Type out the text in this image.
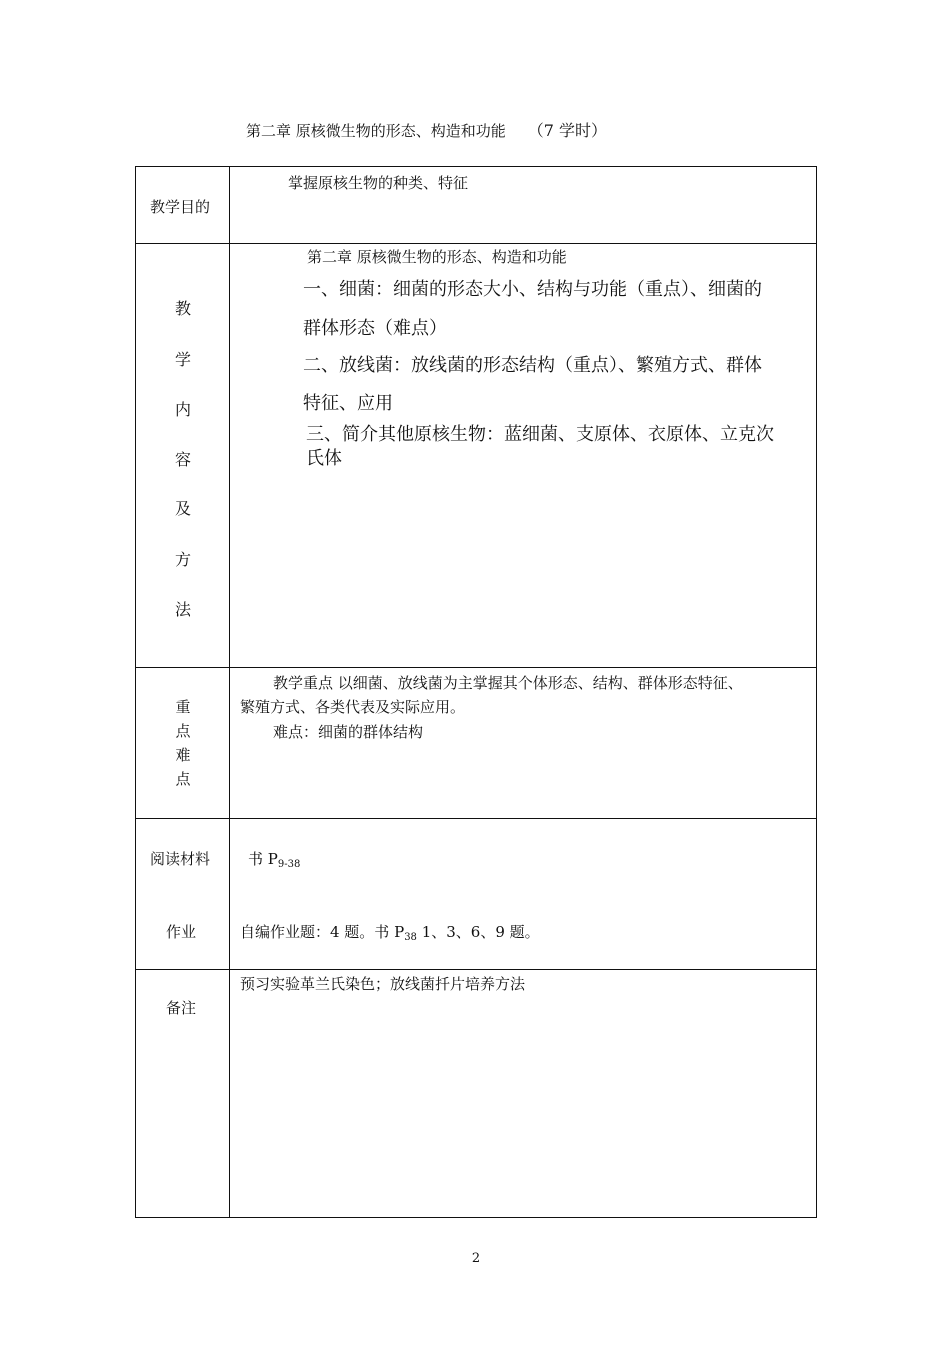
第二章 原核微生物的形态、构造和功能 （7 学时）
教学目的
掌握原核生物的种类、特征
教
学
内
容
及
方
法
第二章 原核微生物的形态、构造和功能
一、细菌：细菌的形态大小、结构与功能（重点）、细菌的
群体形态（难点）
二、放线菌：放线菌的形态结构（重点）、繁殖方式、群体
特征、应用
三、简介其他原核生物：蓝细菌、支原体、衣原体、立克次
氏体
重
点
难
点
教学重点 以细菌、放线菌为主掌握其个体形态、结构、群体形态特征、
繁殖方式、各类代表及实际应用。
难点：细菌的群体结构
阅读材料
作业
书 $P_{9-38}$
自编作业题：4 题。书 $P_{38}$ 1、3、6、9 题。
备注
预习实验革兰氏染色；放线菌扦片培养方法
2
